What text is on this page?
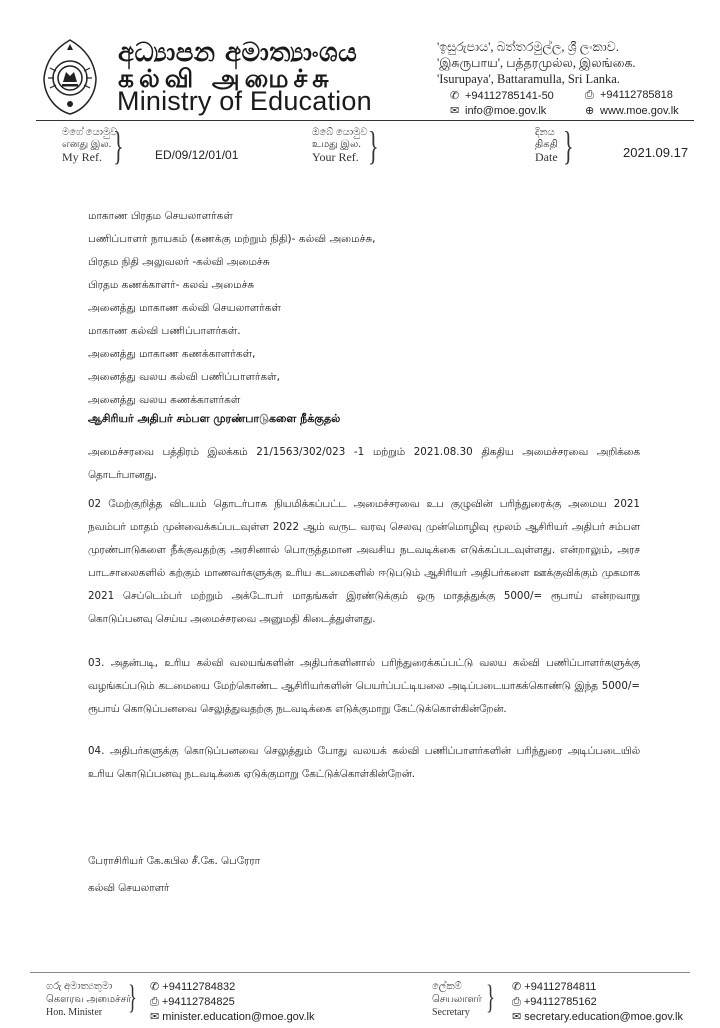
අධ්‍යාපන අමාත්‍යාංශය
கல்வி அமைச்சு
Ministry of Education
'ඉසුරුපාය', බත්තරමුල්ල, ශ්‍රී ලංකාව.
'இசுருபாய', பத்தரமுல்ல, இலங்கை.
'Isurupaya', Battaramulla, Sri Lanka.
✆ +94112785141-50	⎙ +94112785818
✉ info@moe.gov.lk	⊕ www.moe.gov.lk
මගේ යොමුව
எனது இல.
My Ref. }	ED/09/12/01/01
ඔබේ යොමුව
உமது இல.
Your Ref. }	දිනය
திகதி
Date }	2021.09.17
மாகாண பிரதம செயலாளர்கள்
பணிப்பாளர் நாயகம் (கணக்கு மற்றும் நிதி)- கல்வி அமைச்சு,
பிரதம நிதி அலுவலர் -கல்வி அமைச்சு
பிரதம கணக்காளர்- கலவ் அமைச்சு
அனைத்து மாகாண கல்வி செயலாளர்கள்
மாகாண கல்வி பணிப்பாளர்கள்.
அனைத்து மாகாண கணக்காளர்கள்,
அனைத்து வலய கல்வி பணிப்பாளர்கள்,
அனைத்து வலய கணக்காளர்கள்
ஆசிரியர் அதிபர் சம்பள முரண்பாடுகளை நீக்குதல்
அமைச்சரவை பத்திரம் இலக்கம் 21/1563/302/023 -1 மற்றும் 2021.08.30 திகதிய அமைச்சரவை அறிக்கை தொடர்பானது.
02 மேற்குறித்த விடயம் தொடர்பாக நியமிக்கப்பட்ட அமைச்சரவை உப குழுவின் பரிந்துரைக்கு அமைய 2021 நவம்பர் மாதம் முன்வைக்கப்படவுள்ள 2022 ஆம் வருட வரவு செலவு முன்மொழிவு மூலம் ஆசிரியர் அதிபர் சம்பள முரண்பாடுகளை நீக்குவதற்கு அரசினால் பொருத்தமான அவசிய நடவடிக்கை எடுக்கப்படவுள்ளது. என்றாலும், அரச பாடசாலைகளில் கற்கும் மாணவர்களுக்கு உரிய கடமைகளில் ஈடுபடும் ஆசிரியர் அதிபர்களை ஊக்குவிக்கும் முகமாக 2021 செப்டெம்பர் மற்றும் அக்டோபர் மாதங்கள் இரண்டுக்கும் ஒரு மாதத்துக்கு 5000/= ரூபாய் என்றவாறு கொடுப்பனவு செய்ய அமைச்சரவை அனுமதி கிடைத்துள்ளது.
03. அதன்படி, உரிய கல்வி வலயங்களின் அதிபர்களினால் பரிந்துரைக்கப்பட்டு வலய கல்வி பணிப்பாளர்களுக்கு வழங்கப்படும் கடமையை மேற்கொண்ட ஆசிரியர்களின் பெயர்ப்பட்டியலை அடிப்படையாகக்கொண்டு இந்த 5000/= ரூபாய் கொடுப்பனவை செலுத்துவதற்கு நடவடிக்கை எடுக்குமாறு கேட்டுக்கொள்கின்றேன்.
04. அதிபர்களுக்கு கொடுப்பனவை செலுத்தும் போது வலயக் கல்வி பணிப்பாளர்களின் பரிந்துரை அடிப்படையில் உரிய கொடுப்பனவு நடவடிக்கை ஏடுக்குமாறு கேட்டுக்கொள்கின்றேன்.
பேராசிரியர் கே.கபில சீ.கே. பெரேரா
கல்வி செயலாளர்
ගරු අමාත්‍යතුමා
கௌரவ அமைச்சர்
Hon. Minister } ✆ +94112784832
⎙ +94112784825
✉ minister.education@moe.gov.lk
ලේකම්
செயலாளர்
Secretary } ✆ +94112784811
⎙ +94112785162
✉ secretary.education@moe.gov.lk
